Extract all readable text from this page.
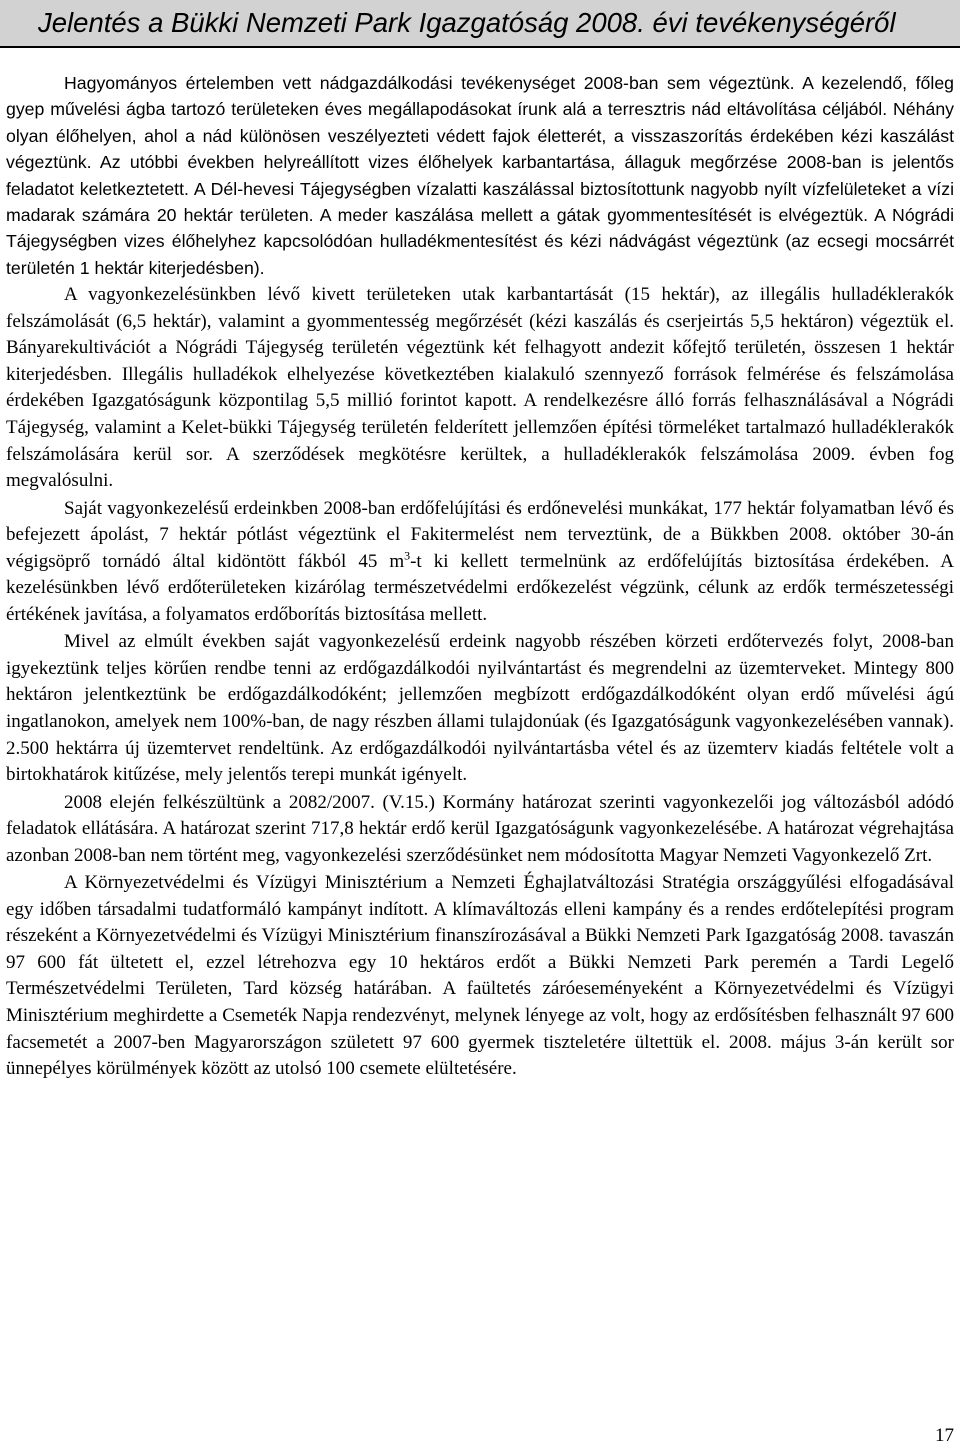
Jelentés a Bükki Nemzeti Park Igazgatóság 2008. évi tevékenységéről

Hagyományos értelemben vett nádgazdálkodási tevékenységet 2008-ban sem végeztünk. A kezelendő, főleg gyep művelési ágba tartozó területeken éves megállapodásokat írunk alá a terresztris nád eltávolítása céljából. Néhány olyan élőhelyen, ahol a nád különösen veszélyezteti védett fajok életterét, a visszaszorítás érdekében kézi kaszálást végeztünk. Az utóbbi években helyreállított vizes élőhelyek karbantartása, állaguk megőrzése 2008-ban is jelentős feladatot keletkeztetett. A Dél-hevesi Tájegységben vízalatti kaszálással biztosítottunk nagyobb nyílt vízfelületeket a vízi madarak számára 20 hektár területen. A meder kaszálása mellett a gátak gyommentesítését is elvégeztük. A Nógrádi Tájegységben vizes élőhelyhez kapcsolódóan hulladékmentesítést és kézi nádvágást végeztünk (az ecsegi mocsárrét területén 1 hektár kiterjedésben).

A vagyonkezelésünkben lévő kivett területeken utak karbantartását (15 hektár), az illegális hulladéklerakók felszámolását (6,5 hektár), valamint a gyommentesség megőrzését (kézi kaszálás és cserjeirtás 5,5 hektáron) végeztük el. Bányarekultivációt a Nógrádi Tájegység területén végeztünk két felhagyott andezit kőfejtő területén, összesen 1 hektár kiterjedésben. Illegális hulladékok elhelyezése következtében kialakuló szennyező források felmérése és felszámolása érdekében Igazgatóságunk központilag 5,5 millió forintot kapott. A rendelkezésre álló forrás felhasználásával a Nógrádi Tájegység, valamint a Kelet-bükki Tájegység területén felderített jellemzően építési törmeléket tartalmazó hulladéklerakók felszámolására kerül sor. A szerződések megkötésre kerültek, a hulladéklerakók felszámolása 2009. évben fog megvalósulni.

Saját vagyonkezelésű erdeinkben 2008-ban erdőfelújítási és erdőnevelési munkákat, 177 hektár folyamatban lévő és befejezett ápolást, 7 hektár pótlást végeztünk el Fakitermelést nem terveztünk, de a Bükkben 2008. október 30-án végigsöprő tornádó által kidöntött fákból 45 $m^3-t$ ki kellett termelnünk az erdőfelújítás biztosítása érdekében. A kezelésünkben lévő erdőterületeken kizárólag természetvédelmi erdőkezelést végzünk, célunk az erdők természetességi értékének javítása, a folyamatos erdőborítás biztosítása mellett.

Mivel az elmúlt években saját vagyonkezelésű erdeink nagyobb részében körzeti erdőtervezés folyt, 2008-ban igyekeztünk teljes körűen rendbe tenni az erdőgazdálkodói nyilvántartást és megrendelni az üzemterveket. Mintegy 800 hektáron jelentkeztünk be erdőgazdálkodóként; jellemzően megbízott erdőgazdálkodóként olyan erdő művelési ágú ingatlanokon, amelyek nem 100%-ban, de nagy részben állami tulajdonúak (és Igazgatóságunk vagyonkezelésében vannak). 2.500 hektárra új üzemtervet rendeltünk. Az erdőgazdálkodói nyilvántartásba vétel és az üzemterv kiadás feltétele volt a birtokhatárok kitűzése, mely jelentős terepi munkát igényelt.

2008 elején felkészültünk a 2082/2007. (V.15.) Kormány határozat szerinti vagyonkezelői jog változásból adódó feladatok ellátására. A határozat szerint 717,8 hektár erdő kerül Igazgatóságunk vagyonkezelésébe. A határozat végrehajtása azonban 2008-ban nem történt meg, vagyonkezelési szerződésünket nem módosította Magyar Nemzeti Vagyonkezelő Zrt.

A Környezetvédelmi és Vízügyi Minisztérium a Nemzeti Éghajlatváltozási Stratégia országgyűlési elfogadásával egy időben társadalmi tudatformáló kampányt indított. A klímaváltozás elleni kampány és a rendes erdőtelepítési program részeként a Környezetvédelmi és Vízügyi Minisztérium finanszírozásával a Bükki Nemzeti Park Igazgatóság 2008. tavaszán 97 600 fát ültetett el, ezzel létrehozva egy 10 hektáros erdőt a Bükki Nemzeti Park peremén a Tardi Legelő Természetvédelmi Területen, Tard község határában. A faültetés záróeseményeként a Környezetvédelmi és Vízügyi Minisztérium meghirdette a Csemeték Napja rendezvényt, melynek lényege az volt, hogy az erdősítésben felhasznált 97 600 facsemetét a 2007-ben Magyarországon született 97 600 gyermek tiszteletére ültettük el. 2008. május 3-án került sor ünnepélyes körülmények között az utolsó 100 csemete elültetésére.

17
